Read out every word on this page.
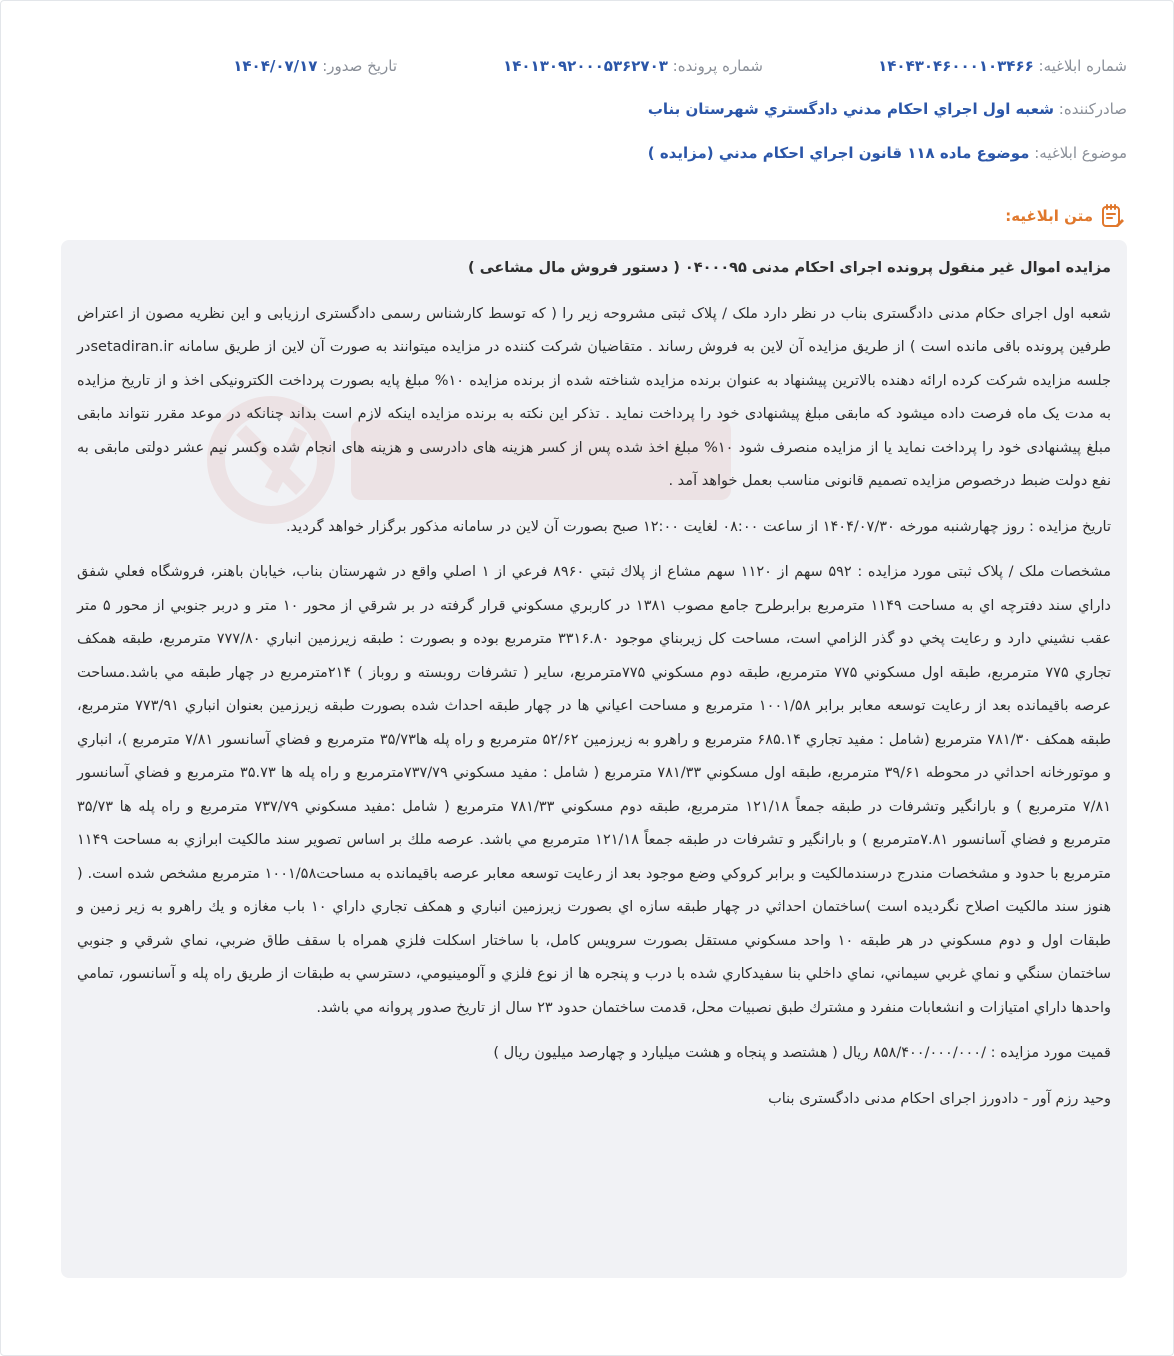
شماره ابلاغیه: ۱۴۰۴۳۰۴۶۰۰۰۱۰۳۴۶۶
شماره پرونده: ۱۴۰۱۳۰۹۲۰۰۰۵۳۶۲۷۰۳
تاریخ صدور: ۱۴۰۴/۰۷/۱۷
صادرکننده: شعبه اول اجراي احكام مدني دادگستري شهرستان بناب
موضوع ابلاغیه: موضوع ماده ۱۱۸ قانون اجراي احكام مدني (مزايده )
متن ابلاغیه:

مزایده اموال غیر منقول پرونده اجرای احکام مدنی ۰۴۰۰۰۹۵ ( دستور فروش مال مشاعی )

شعبه اول اجرای حکام مدنی دادگستری بناب در نظر دارد ملک / پلاک ثبتی مشروحه زیر را ( که توسط کارشناس رسمی دادگستری ارزیابی و این نظریه مصون از اعتراض طرفین پرونده باقی مانده است ) از طریق مزایده آن لاین به فروش رساند . متقاضیان شرکت کننده در مزایده میتوانند به صورت آن لاین از طریق سامانه setadiran.irدر جلسه مزایده شرکت کرده ارائه دهنده بالاترین پیشنهاد به عنوان برنده مزایده شناخته شده از برنده مزایده ۱۰% مبلغ پایه بصورت پرداخت الکترونیکی اخذ و از تاریخ مزایده به مدت یک ماه فرصت داده میشود که مابقی مبلغ پیشنهادی خود را پرداخت نماید . تذکر این نکته به برنده مزایده اینکه لازم است بداند چنانکه در موعد مقرر نتواند مابقی مبلغ پیشنهادی خود را پرداخت نماید یا از مزایده منصرف شود ۱۰% مبلغ اخذ شده پس از کسر هزینه های دادرسی و هزینه های انجام شده وکسر نیم عشر دولتی مابقی به نفع دولت ضبط درخصوص مزایده تصمیم قانونی مناسب بعمل خواهد آمد .

تاریخ مزایده : روز چهارشنبه مورخه ۱۴۰۴/۰۷/۳۰ از ساعت ۰۸:۰۰ لغایت ۱۲:۰۰ صبح بصورت آن لاین در سامانه مذکور برگزار خواهد گردید.

مشخصات ملک / پلاک ثبتی مورد مزایده : ۵۹۲ سهم از ۱۱۲۰ سهم مشاع از پلاك ثبتي ۸۹۶۰ فرعي از ۱ اصلي واقع در شهرستان بناب، خيابان باهنر، فروشگاه فعلي شفق داراي سند دفترچه اي به مساحت ۱۱۴۹ مترمربع برابرطرح جامع مصوب ۱۳۸۱ در كاربري مسكوني قرار گرفته در بر شرقي از محور ۱۰ متر و دربر جنوبي از محور ۵ متر عقب نشيني دارد و رعايت پخي دو گذر الزامي است، مساحت كل زيربناي موجود ۳۳۱۶.۸۰ مترمربع بوده و بصورت : طبقه زيرزمين انباري ۷۷۷/۸۰ مترمربع، طبقه همكف تجاري ۷۷۵ مترمربع، طبقه اول مسكوني ۷۷۵ مترمربع، طبقه دوم مسكوني ۷۷۵مترمربع، ساير ( تشرفات روبسته و روباز ) ۲۱۴مترمربع در چهار طبقه مي باشد.مساحت عرصه باقيمانده بعد از رعايت توسعه معابر برابر ۱۰۰۱/۵۸ مترمربع و مساحت اعياني ها در چهار طبقه احداث شده بصورت طبقه زيرزمين بعنوان انباري ۷۷۳/۹۱ مترمربع، طبقه همكف ۷۸۱/۳۰ مترمربع (شامل : مفيد تجاري ۶۸۵.۱۴ مترمربع و راهرو به زيرزمين ۵۲/۶۲ مترمربع و راه پله ها۳۵/۷۳ مترمربع و فضاي آسانسور ۷/۸۱ مترمربع )، انباري و موتورخانه احداثي در محوطه ۳۹/۶۱ مترمربع، طبقه اول مسكوني ۷۸۱/۳۳ مترمربع ( شامل : مفيد مسكوني ۷۳۷/۷۹مترمربع و راه پله ها ۳۵.۷۳ مترمربع و فضاي آسانسور ۷/۸۱ مترمربع ) و بارانگير وتشرفات در طبقه جمعاً ۱۲۱/۱۸ مترمربع، طبقه دوم مسكوني ۷۸۱/۳۳ مترمربع ( شامل :مفيد مسكوني ۷۳۷/۷۹ مترمربع و راه پله ها ۳۵/۷۳ مترمربع و فضاي آسانسور ۷.۸۱مترمربع ) و بارانگير و تشرفات در طبقه جمعاً ۱۲۱/۱۸ مترمربع مي باشد. عرصه ملك بر اساس تصوير سند مالكيت ابرازي به مساحت ۱۱۴۹ مترمربع با حدود و مشخصات مندرج درسندمالكيت و برابر كروكي وضع موجود بعد از رعايت توسعه معابر عرصه باقيمانده به مساحت۱۰۰۱/۵۸ مترمربع مشخص شده است. ( هنوز سند مالكيت اصلاح نگرديده است )ساختمان احداثي در چهار طبقه سازه اي بصورت زيرزمين انباري و همكف تجاري داراي ۱۰ باب مغازه و يك راهرو به زير زمين و طبقات اول و دوم مسكوني در هر طبقه ۱۰ واحد مسكوني مستقل بصورت سرويس كامل، با ساختار اسكلت فلزي همراه با سقف طاق ضربي، نماي شرقي و جنوبي ساختمان سنگي و نماي غربي سيماني، نماي داخلي بنا سفيدكاري شده با درب و پنجره ها از نوع فلزي و آلومينيومي، دسترسي به طبقات از طريق راه پله و آسانسور، تمامي واحدها داراي امتيازات و انشعابات منفرد و مشترك طبق نصبيات محل، قدمت ساختمان حدود ۲۳ سال از تاريخ صدور پروانه مي باشد.

قمیت مورد مزایده : /۸۵۸/۴۰۰/۰۰۰/۰۰۰ ریال ( هشتصد و پنجاه و هشت میلیارد و چهارصد میلیون ریال )

وحید رزم آور - دادورز اجرای احکام مدنی دادگستری بناب
